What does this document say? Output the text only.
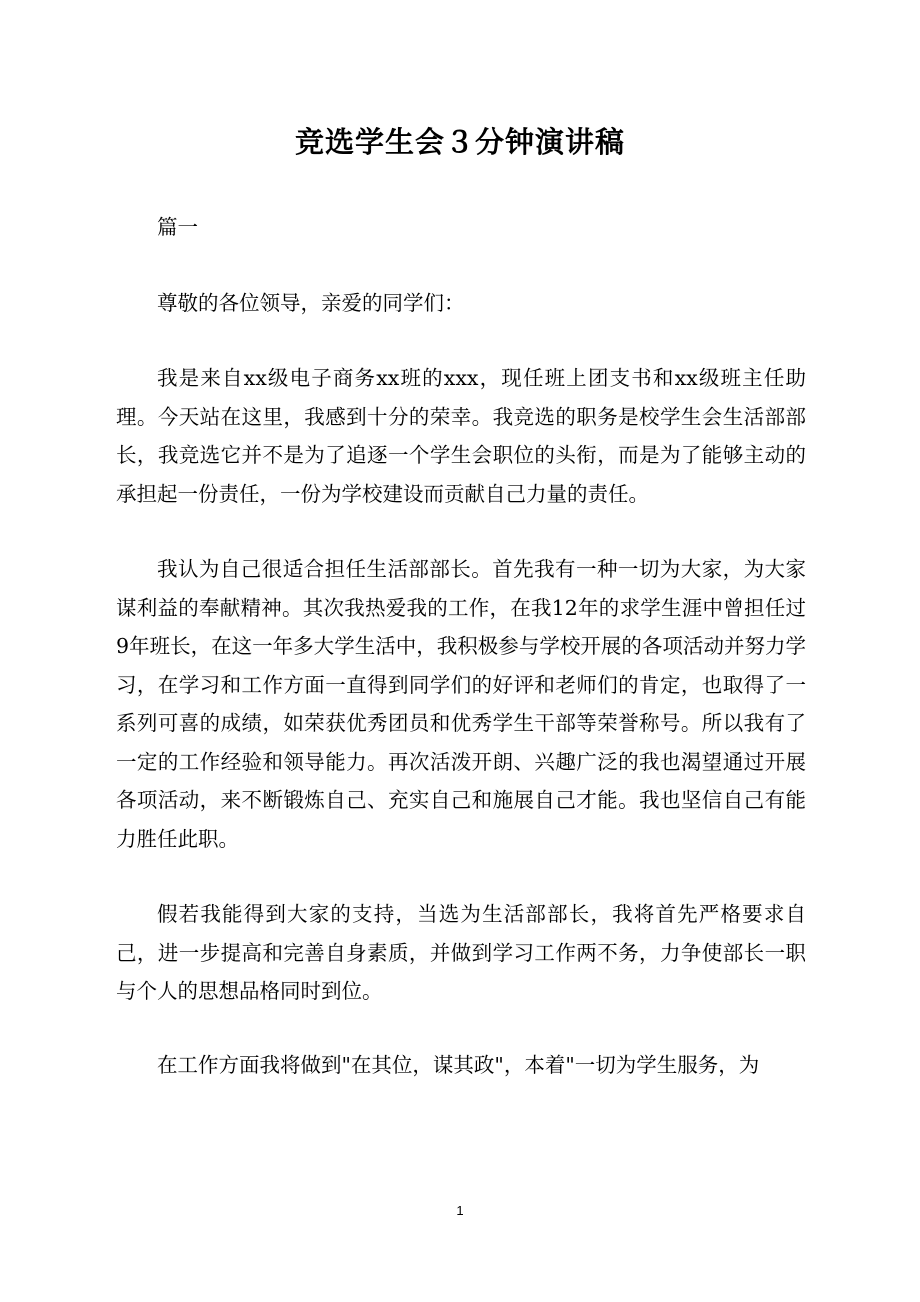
竞选学生会３分钟演讲稿

篇一

尊敬的各位领导，亲爱的同学们：

我是来自xx级电子商务xx班的xxx，现任班上团支书和xx级班主任助理。今天站在这里，我感到十分的荣幸。我竞选的职务是校学生会生活部部长，我竞选它并不是为了追逐一个学生会职位的头衔，而是为了能够主动的承担起一份责任，一份为学校建设而贡献自己力量的责任。

我认为自己很适合担任生活部部长。首先我有一种一切为大家，为大家谋利益的奉献精神。其次我热爱我的工作，在我12年的求学生涯中曾担任过9年班长，在这一年多大学生活中，我积极参与学校开展的各项活动并努力学习，在学习和工作方面一直得到同学们的好评和老师们的肯定，也取得了一系列可喜的成绩，如荣获优秀团员和优秀学生干部等荣誉称号。所以我有了一定的工作经验和领导能力。再次活泼开朗、兴趣广泛的我也渴望通过开展各项活动，来不断锻炼自己、充实自己和施展自己才能。我也坚信自己有能力胜任此职。

假若我能得到大家的支持，当选为生活部部长，我将首先严格要求自己，进一步提高和完善自身素质，并做到学习工作两不务，力争使部长一职与个人的思想品格同时到位。

在工作方面我将做到"在其位，谋其政"，本着"一切为学生服务，为

1
